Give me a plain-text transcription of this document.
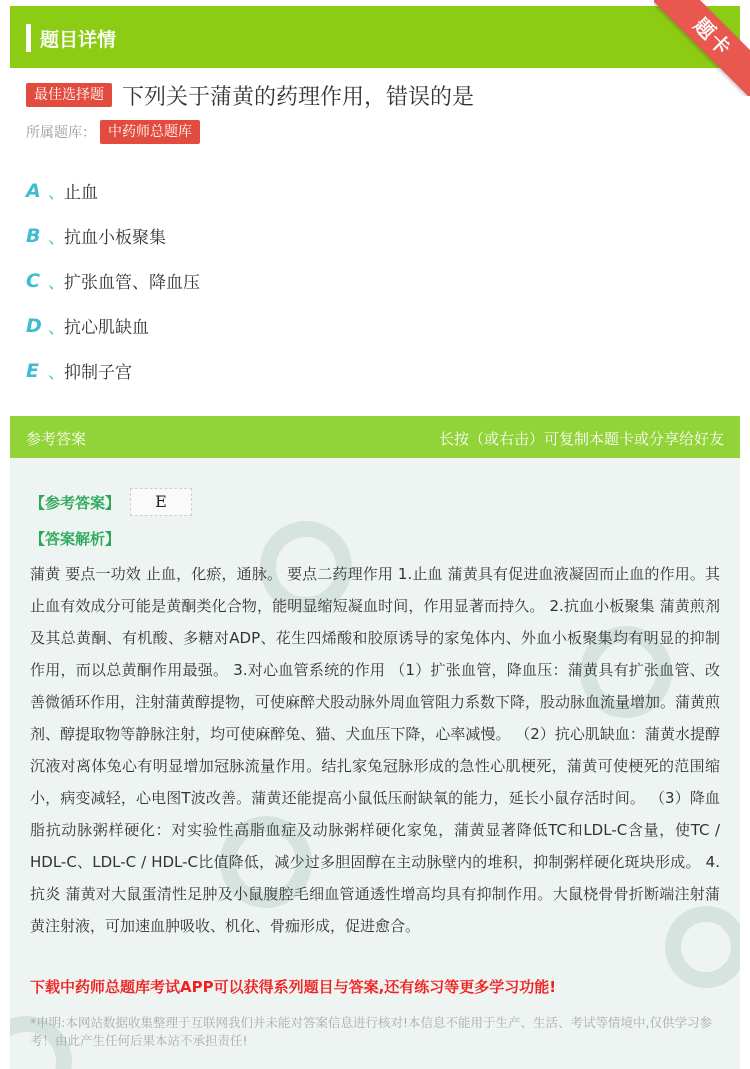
题目详情	题卡
最佳选择题 下列关于蒲黄的药理作用，错误的是
所属题库： 中药师总题库
A 、 止血
B 、 抗血小板聚集
C 、 扩张血管、降血压
D 、 抗心肌缺血
E 、 抑制子宫
参考答案	长按（或右击）可复制本题卡或分享给好友
【参考答案】	E
【答案解析】
蒲黄 要点一功效 止血，化瘀，通脉。 要点二药理作用 1.止血 蒲黄具有促进血液凝固而止血的作用。其止血有效成分可能是黄酮类化合物，能明显缩短凝血时间，作用显著而持久。 2.抗血小板聚集 蒲黄煎剂及其总黄酮、有机酸、多糖对ADP、花生四烯酸和胶原诱导的家兔体内、外血小板聚集均有明显的抑制作用，而以总黄酮作用最强。 3.对心血管系统的作用 （1）扩张血管，降血压：蒲黄具有扩张血管、改善微循环作用，注射蒲黄醇提物，可使麻醉犬股动脉外周血管阻力系数下降，股动脉血流量增加。蒲黄煎剂、醇提取物等静脉注射，均可使麻醉兔、猫、犬血压下降，心率减慢。 （2）抗心肌缺血：蒲黄水提醇沉液对离体兔心有明显增加冠脉流量作用。结扎家兔冠脉形成的急性心肌梗死，蒲黄可使梗死的范围缩小，病变减轻，心电图T波改善。蒲黄还能提高小鼠低压耐缺氧的能力，延长小鼠存活时间。 （3）降血脂抗动脉粥样硬化：对实验性高脂血症及动脉粥样硬化家兔，蒲黄显著降低TC和LDL-C含量，使TC / HDL-C、LDL-C / HDL-C比值降低，减少过多胆固醇在主动脉壁内的堆积，抑制粥样硬化斑块形成。 4.抗炎 蒲黄对大鼠蛋清性足肿及小鼠腹腔毛细血管通透性增高均具有抑制作用。大鼠桡骨骨折断端注射蒲黄注射液，可加速血肿吸收、机化、骨痂形成，促进愈合。
下载中药师总题库考试APP可以获得系列题目与答案,还有练习等更多学习功能!
*申明:本网站数据收集整理于互联网我们并未能对答案信息进行核对!本信息不能用于生产、生活、考试等情境中,仅供学习参考！由此产生任何后果本站不承担责任!
